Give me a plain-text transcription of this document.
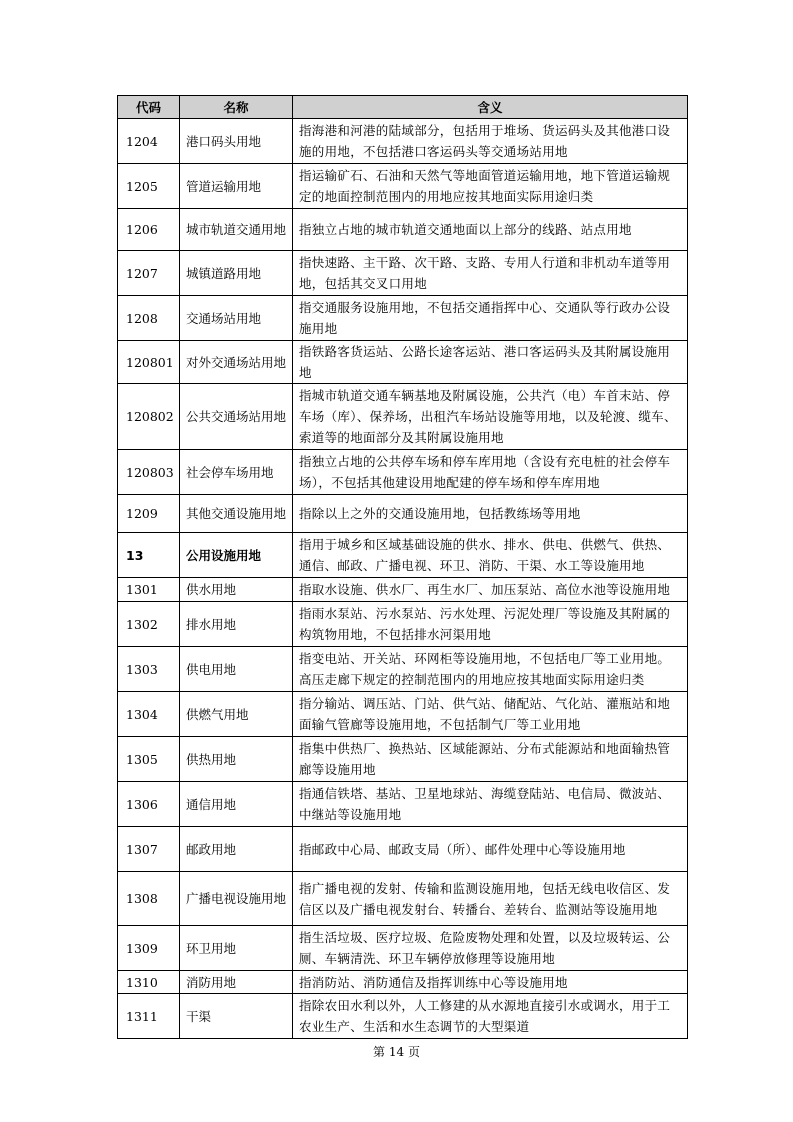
代码	名称	含义
1204	港口码头用地	指海港和河港的陆域部分，包括用于堆场、货运码头及其他港口设施的用地，不包括港口客运码头等交通场站用地
1205	管道运输用地	指运输矿石、石油和天然气等地面管道运输用地，地下管道运输规定的地面控制范围内的用地应按其地面实际用途归类
1206	城市轨道交通用地	指独立占地的城市轨道交通地面以上部分的线路、站点用地
1207	城镇道路用地	指快速路、主干路、次干路、支路、专用人行道和非机动车道等用地，包括其交叉口用地
1208	交通场站用地	指交通服务设施用地，不包括交通指挥中心、交通队等行政办公设施用地
120801	对外交通场站用地	指铁路客货运站、公路长途客运站、港口客运码头及其附属设施用地
120802	公共交通场站用地	指城市轨道交通车辆基地及附属设施，公共汽（电）车首末站、停车场（库）、保养场，出租汽车场站设施等用地，以及轮渡、缆车、索道等的地面部分及其附属设施用地
120803	社会停车场用地	指独立占地的公共停车场和停车库用地（含设有充电桩的社会停车场），不包括其他建设用地配建的停车场和停车库用地
1209	其他交通设施用地	指除以上之外的交通设施用地，包括教练场等用地
13	公用设施用地	指用于城乡和区域基础设施的供水、排水、供电、供燃气、供热、通信、邮政、广播电视、环卫、消防、干渠、水工等设施用地
1301	供水用地	指取水设施、供水厂、再生水厂、加压泵站、高位水池等设施用地
1302	排水用地	指雨水泵站、污水泵站、污水处理、污泥处理厂等设施及其附属的构筑物用地，不包括排水河渠用地
1303	供电用地	指变电站、开关站、环网柜等设施用地，不包括电厂等工业用地。高压走廊下规定的控制范围内的用地应按其地面实际用途归类
1304	供燃气用地	指分输站、调压站、门站、供气站、储配站、气化站、灌瓶站和地面输气管廊等设施用地，不包括制气厂等工业用地
1305	供热用地	指集中供热厂、换热站、区域能源站、分布式能源站和地面输热管廊等设施用地
1306	通信用地	指通信铁塔、基站、卫星地球站、海缆登陆站、电信局、微波站、中继站等设施用地
1307	邮政用地	指邮政中心局、邮政支局（所）、邮件处理中心等设施用地
1308	广播电视设施用地	指广播电视的发射、传输和监测设施用地，包括无线电收信区、发信区以及广播电视发射台、转播台、差转台、监测站等设施用地
1309	环卫用地	指生活垃圾、医疗垃圾、危险废物处理和处置，以及垃圾转运、公厕、车辆清洗、环卫车辆停放修理等设施用地
1310	消防用地	指消防站、消防通信及指挥训练中心等设施用地
1311	干渠	指除农田水利以外，人工修建的从水源地直接引水或调水，用于工农业生产、生活和水生态调节的大型渠道
第 14 页
